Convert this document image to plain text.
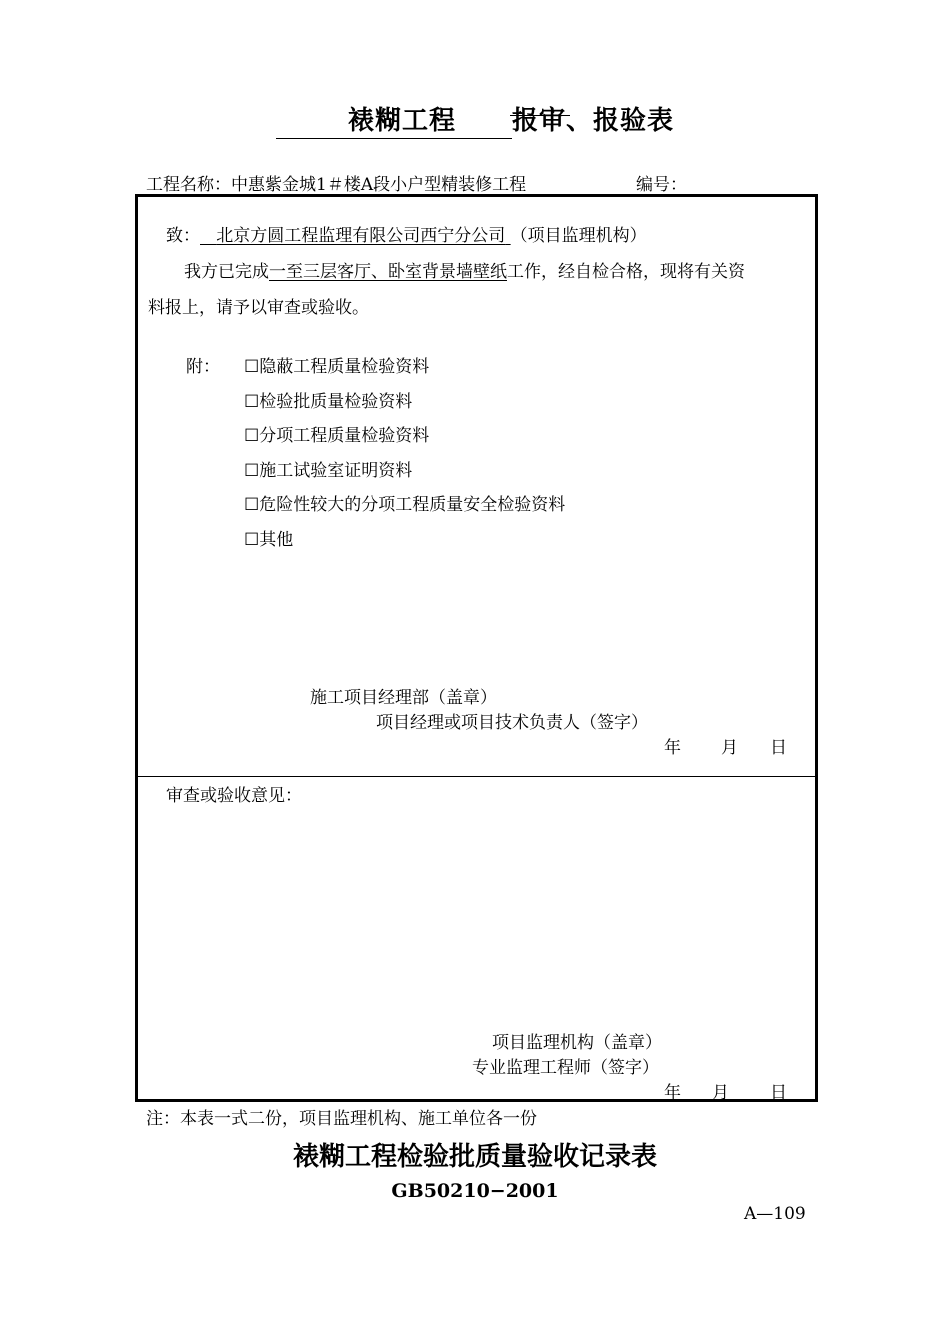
裱糊工程 报审、报验表
工程名称：中惠紫金城1＃楼A段小户型精装修工程	编号：
致： 北京方圆工程监理有限公司西宁分公司 （项目监理机构）
我方已完成一至三层客厅、卧室背景墙壁纸工作，经自检合格，现将有关资
料报上，请予以审查或验收。
附： ☐隐蔽工程质量检验资料
☐检验批质量检验资料
☐分项工程质量检验资料
☐施工试验室证明资料
☐危险性较大的分项工程质量安全检验资料
☐其他
施工项目经理部（盖章）
项目经理或项目技术负责人（签字）
年 月 日
审查或验收意见：
项目监理机构（盖章）
专业监理工程师（签字）
年 月 日
注：本表一式二份，项目监理机构、施工单位各一份
裱糊工程检验批质量验收记录表
GB50210−2001
A—109
